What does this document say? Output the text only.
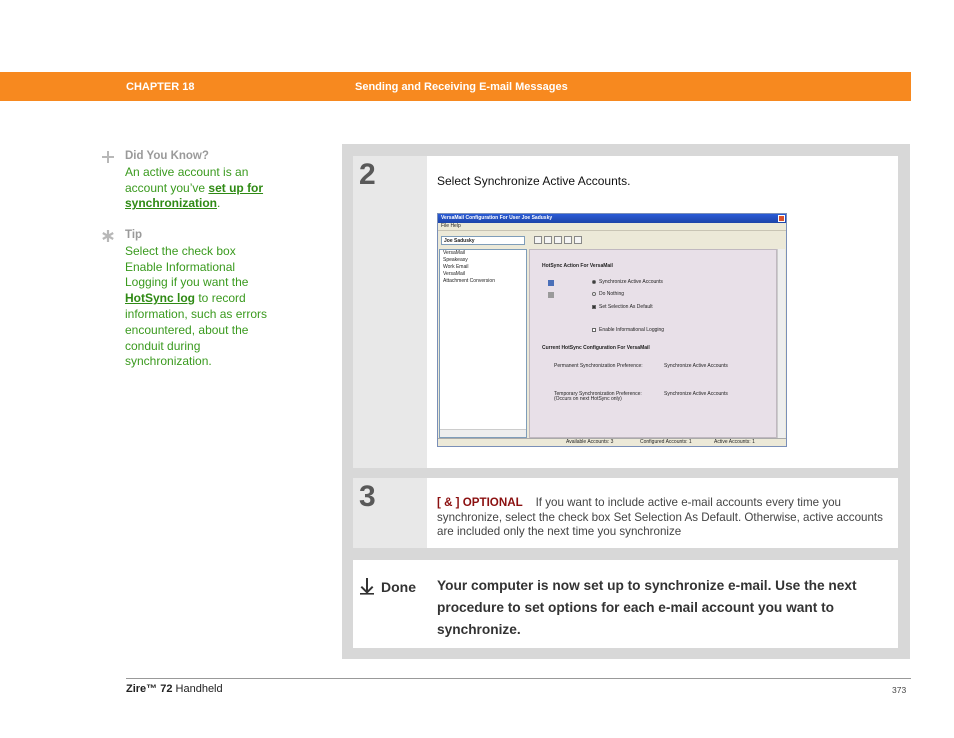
CHAPTER 18	Sending and Receiving E-mail Messages
Did You Know?
An active account is an account you’ve set up for synchronization.
Tip
Select the check box Enable Informational Logging if you want the HotSync log to record information, such as errors encountered, about the conduit during synchronization.
2	Select Synchronize Active Accounts.
VersaMail Configuration For User Joe Sadusky
File Help
Joe Sadusky
VersaMail
Speakeasy
Work Email
VersaMail
Attachment Conversion
HotSync Action For VersaMail
Synchronize Active Accounts
Do Nothing
Set Selection As Default
Enable Informational Logging
Current HotSync Configuration For VersaMail
Permanent Synchronization Preference:	Synchronize Active Accounts
Temporary Synchronization Preference:
(Occurs on next HotSync only)
Synchronize Active Accounts
Available Accounts: 3	Configured Accounts: 1	Active Accounts: 1
3	[ & ] OPTIONAL If you want to include active e-mail accounts every time you synchronize, select the check box Set Selection As Default. Otherwise, active accounts are included only the next time you synchronize
Done Your computer is now set up to synchronize e-mail. Use the next procedure to set options for each e-mail account you want to synchronize.
Zire™ 72 Handheld	373
